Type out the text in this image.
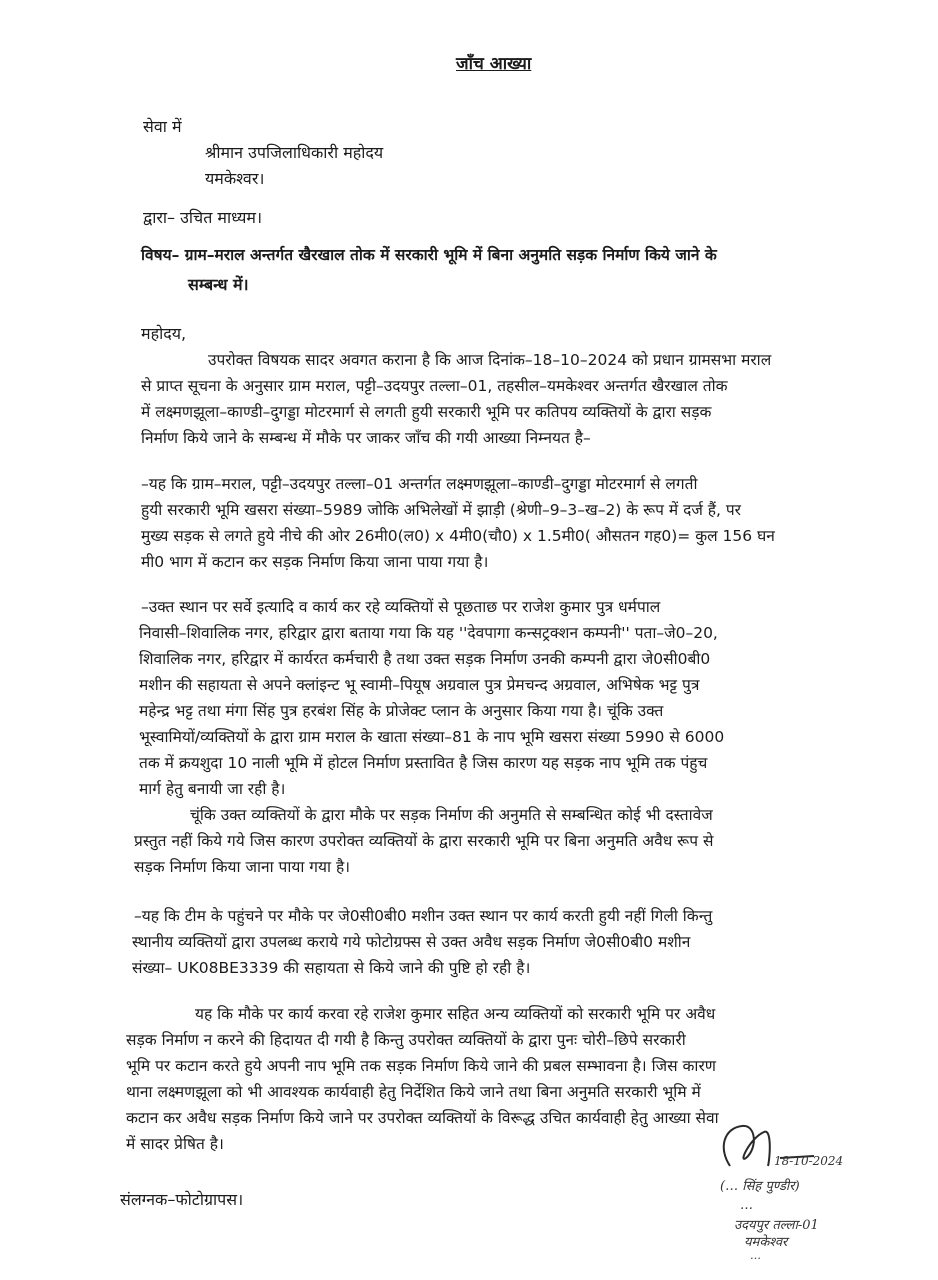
जाँच आख्या
सेवा में
श्रीमान उपजिलाधिकारी महोदय
यमकेश्वर।
द्वारा– उचित माध्यम।
विषय– ग्राम–मराल अन्तर्गत खैरखाल तोक में सरकारी भूमि में बिना अनुमति सड़क निर्माण किये जाने के
सम्बन्ध में।
महोदय,
उपरोक्त विषयक सादर अवगत कराना है कि आज दिनांक–18–10–2024 को प्रधान ग्रामसभा मराल
से प्राप्त सूचना के अनुसार ग्राम मराल, पट्टी–उदयपुर तल्ला–01, तहसील–यमकेश्वर अन्तर्गत खैरखाल तोक
में लक्ष्मणझूला–काण्डी–दुगड्डा मोटरमार्ग से लगती हुयी सरकारी भूमि पर कतिपय व्यक्तियों के द्वारा सड़क
निर्माण किये जाने के सम्बन्ध में मौके पर जाकर जाँच की गयी आख्या निम्नयत है–
–यह कि ग्राम–मराल, पट्टी–उदयपुर तल्ला–01 अन्तर्गत लक्ष्मणझूला–काण्डी–दुगड्डा मोटरमार्ग से लगती
हुयी सरकारी भूमि खसरा संख्या–5989 जोकि अभिलेखों में झाड़ी (श्रेणी–9–3–ख–2) के रूप में दर्ज हैं, पर
मुख्य सड़क से लगते हुये नीचे की ओर 26मी0(ल0) x 4मी0(चौ0) x 1.5मी0( औसतन गह0)= कुल 156 घन
मी0 भाग में कटान कर सड़क निर्माण किया जाना पाया गया है।
–उक्त स्थान पर सर्वे इत्यादि व कार्य कर रहे व्यक्तियों से पूछताछ पर राजेश कुमार पुत्र धर्मपाल
निवासी–शिवालिक नगर, हरिद्वार द्वारा बताया गया कि यह ''देवपागा कन्सट्रक्शन कम्पनी'' पता–जे0–20,
शिवालिक नगर, हरिद्वार में कार्यरत कर्मचारी है तथा उक्त सड़क निर्माण उनकी कम्पनी द्वारा जे0सी0बी0
मशीन की सहायता से अपने क्लांइन्ट भू स्वामी–पियूष अग्रवाल पुत्र प्रेमचन्द अग्रवाल, अभिषेक भट्ट पुत्र
महेन्द्र भट्ट तथा मंगा सिंह पुत्र हरबंश सिंह के प्रोजेक्ट प्लान के अनुसार किया गया है। चूंकि उक्त
भूस्वामियों/व्यक्तियों के द्वारा ग्राम मराल के खाता संख्या–81 के नाप भूमि खसरा संख्या 5990 से 6000
तक में क्रयशुदा 10 नाली भूमि में होटल निर्माण प्रस्तावित है जिस कारण यह सड़क नाप भूमि तक पंहुच
मार्ग हेतु बनायी जा रही है।
चूंकि उक्त व्यक्तियों के द्वारा मौके पर सड़क निर्माण की अनुमति से सम्बन्धित कोई भी दस्तावेज
प्रस्तुत नहीं किये गये जिस कारण उपरोक्त व्यक्तियों के द्वारा सरकारी भूमि पर बिना अनुमति अवैध रूप से
सड़क निर्माण किया जाना पाया गया है।
–यह कि टीम के पहुंचने पर मौके पर जे0सी0बी0 मशीन उक्त स्थान पर कार्य करती हुयी नहीं गिली किन्तु
स्थानीय व्यक्तियों द्वारा उपलब्ध कराये गये फोटोग्रफ्स से उक्त अवैध सड़क निर्माण जे0सी0बी0 मशीन
संख्या– UK08BE3339 की सहायता से किये जाने की पुष्टि हो रही है।
यह कि मौके पर कार्य करवा रहे राजेश कुमार सहित अन्य व्यक्तियों को सरकारी भूमि पर अवैध
सड़क निर्माण न करने की हिदायत दी गयी है किन्तु उपरोक्त व्यक्तियों के द्वारा पुनः चोरी–छिपे सरकारी
भूमि पर कटान करते हुये अपनी नाप भूमि तक सड़क निर्माण किये जाने की प्रबल सम्भावना है। जिस कारण
थाना लक्ष्मणझूला को भी आवश्यक कार्यवाही हेतु निर्देशित किये जाने तथा बिना अनुमति सरकारी भूमि में
कटान कर अवैध सड़क निर्माण किये जाने पर उपरोक्त व्यक्तियों के विरूद्ध उचित कार्यवाही हेतु आख्या सेवा
में सादर प्रेषित है।
संलग्नक–फोटोग्रापस।
18-10-2024
(… सिंह पुण्डीर)
…
उदयपुर तल्ला-01
यमकेश्वर
…
